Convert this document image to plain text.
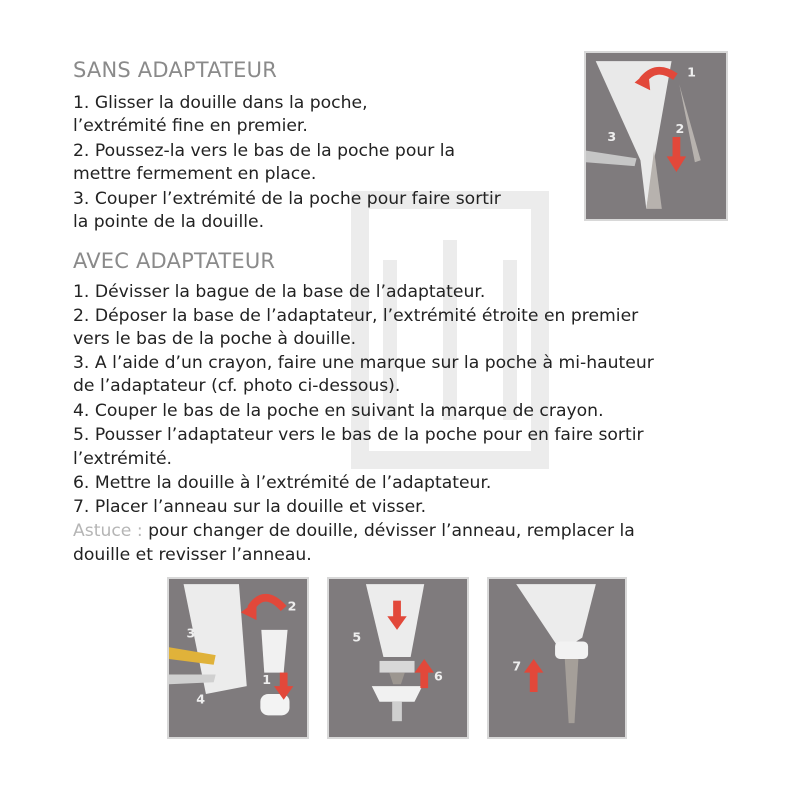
SANS ADAPTATEUR
1. Glisser la douille dans la poche,
l’extrémité fine en premier.
2. Poussez-la vers le bas de la poche pour la
mettre fermement en place.
3. Couper l’extrémité de la poche pour faire sortir
la pointe de la douille.
AVEC ADAPTATEUR
1. Dévisser la bague de la base de l’adaptateur.
2. Déposer la base de l’adaptateur, l’extrémité étroite en premier
vers le bas de la poche à douille.
3. A l’aide d’un crayon, faire une marque sur la poche à mi-hauteur
de l’adaptateur (cf. photo ci-dessous).
4. Couper le bas de la poche en suivant la marque de crayon.
5. Pousser l’adaptateur vers le bas de la poche pour en faire sortir
l’extrémité.
6. Mettre la douille à l’extrémité de l’adaptateur.
7. Placer l’anneau sur la douille et visser.
Astuce : pour changer de douille, dévisser l’anneau, remplacer la
douille et revisser l’anneau.
1
2
3
2
3
1
4
5
6
7
